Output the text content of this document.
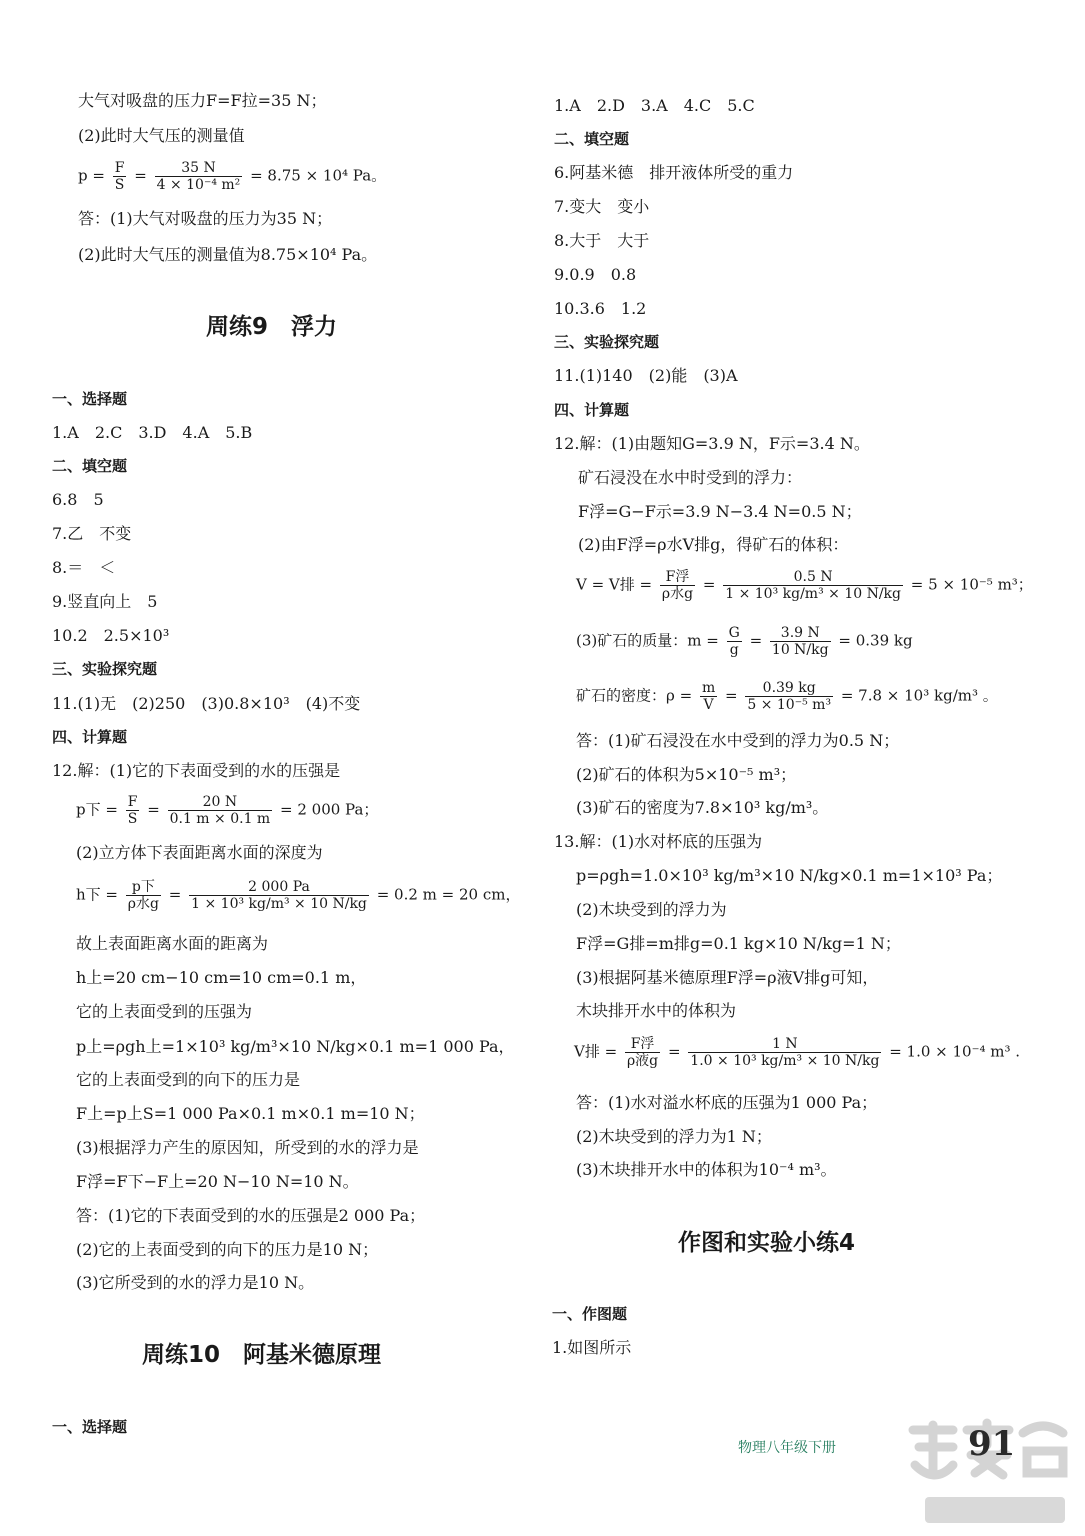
大气对吸盘的压力F=F拉=35 N；
(2)此时大气压的测量值
$p = \frac{F}{S} = \frac{35 N}{\text{4 × 10⁻⁴ m²}} = 8.75 \times 10^4$ Pa。
答：(1)大气对吸盘的压力为35 N；
(2)此时大气压的测量值为8.75×10⁴ Pa。
周练9　浮力
一、选择题
1.A　2.C　3.D　4.A　5.B
二、填空题
6.8　5
7.乙　不变
8.＝　＜
9.竖直向上　5
10.2　2.5×10³
三、实验探究题
11.(1)无　(2)250　(3)0.8×10³　(4)不变
四、计算题
12.解：(1)它的下表面受到的水的压强是
p下 = $\frac{F}{S} = \frac{20 N}{0.1 m \times 0.1 m} = 2$ 000 Pa；
(2)立方体下表面距离水面的深度为
h下 = $\frac{\text{p下}}{\text{ρ水g}} = \frac{2 000 Pa}{\text{1 × 10³ kg/m³ × 10 N/kg}} = 0.2$ m = 20 cm，
故上表面距离水面的距离为
h上=20 cm−10 cm=10 cm=0.1 m，
它的上表面受到的压强为
p上=ρgh上=1×10³ kg/m³×10 N/kg×0.1 m=1 000 Pa，
它的上表面受到的向下的压力是
F上=p上S=1 000 Pa×0.1 m×0.1 m=10 N；
(3)根据浮力产生的原因知，所受到的水的浮力是
F浮=F下−F上=20 N−10 N=10 N。
答：(1)它的下表面受到的水的压强是2 000 Pa；
(2)它的上表面受到的向下的压力是10 N；
(3)它所受到的水的浮力是10 N。
周练10　阿基米德原理
一、选择题
1.A　2.D　3.A　4.C　5.C
二、填空题
6.阿基米德　排开液体所受的重力
7.变大　变小
8.大于　大于
9.0.9　0.8
10.3.6　1.2
三、实验探究题
11.(1)140　(2)能　(3)A
四、计算题
12.解：(1)由题知G=3.9 N，F示=3.4 N。
矿石浸没在水中时受到的浮力：
F浮=G−F示=3.9 N−3.4 N=0.5 N；
(2)由F浮=ρ水V排g，得矿石的体积：
V = V排 = $\frac{\text{F浮}}{\text{ρ水g}} = \frac{0.5 N}{\text{1 × 10³ kg/m³ × 10 N/kg}} = 5 \times 10^{-5}$ m³；
(3)矿石的质量：$m = \frac{G}{g} = \frac{3.9 N}{10 N/kg} = 0.39$ kg
矿石的密度：$\rho = \frac{m}{V} = \frac{0.39 kg}{\text{5 × 10⁻⁵ m³}} = 7.8 \times 10^3$ kg/m³ 。
答：(1)矿石浸没在水中受到的浮力为0.5 N；
(2)矿石的体积为5×10⁻⁵ m³；
(3)矿石的密度为7.8×10³ kg/m³。
13.解：(1)水对杯底的压强为
p=ρgh=1.0×10³ kg/m³×10 N/kg×0.1 m=1×10³ Pa；
(2)木块受到的浮力为
F浮=G排=m排g=0.1 kg×10 N/kg=1 N；
(3)根据阿基米德原理F浮=ρ液V排g可知，
木块排开水中的体积为
V排 = $\frac{\text{F浮}}{\text{ρ液g}} = \frac{1 N}{\text{1.0 × 10³ kg/m³ × 10 N/kg}} = 1.0 \times 10^{-4}$ m³ .
答：(1)水对溢水杯底的压强为1 000 Pa；
(2)木块受到的浮力为1 N；
(3)木块排开水中的体积为10⁻⁴ m³。
作图和实验小练4
一、作图题
1.如图所示
物理八年级下册	91
